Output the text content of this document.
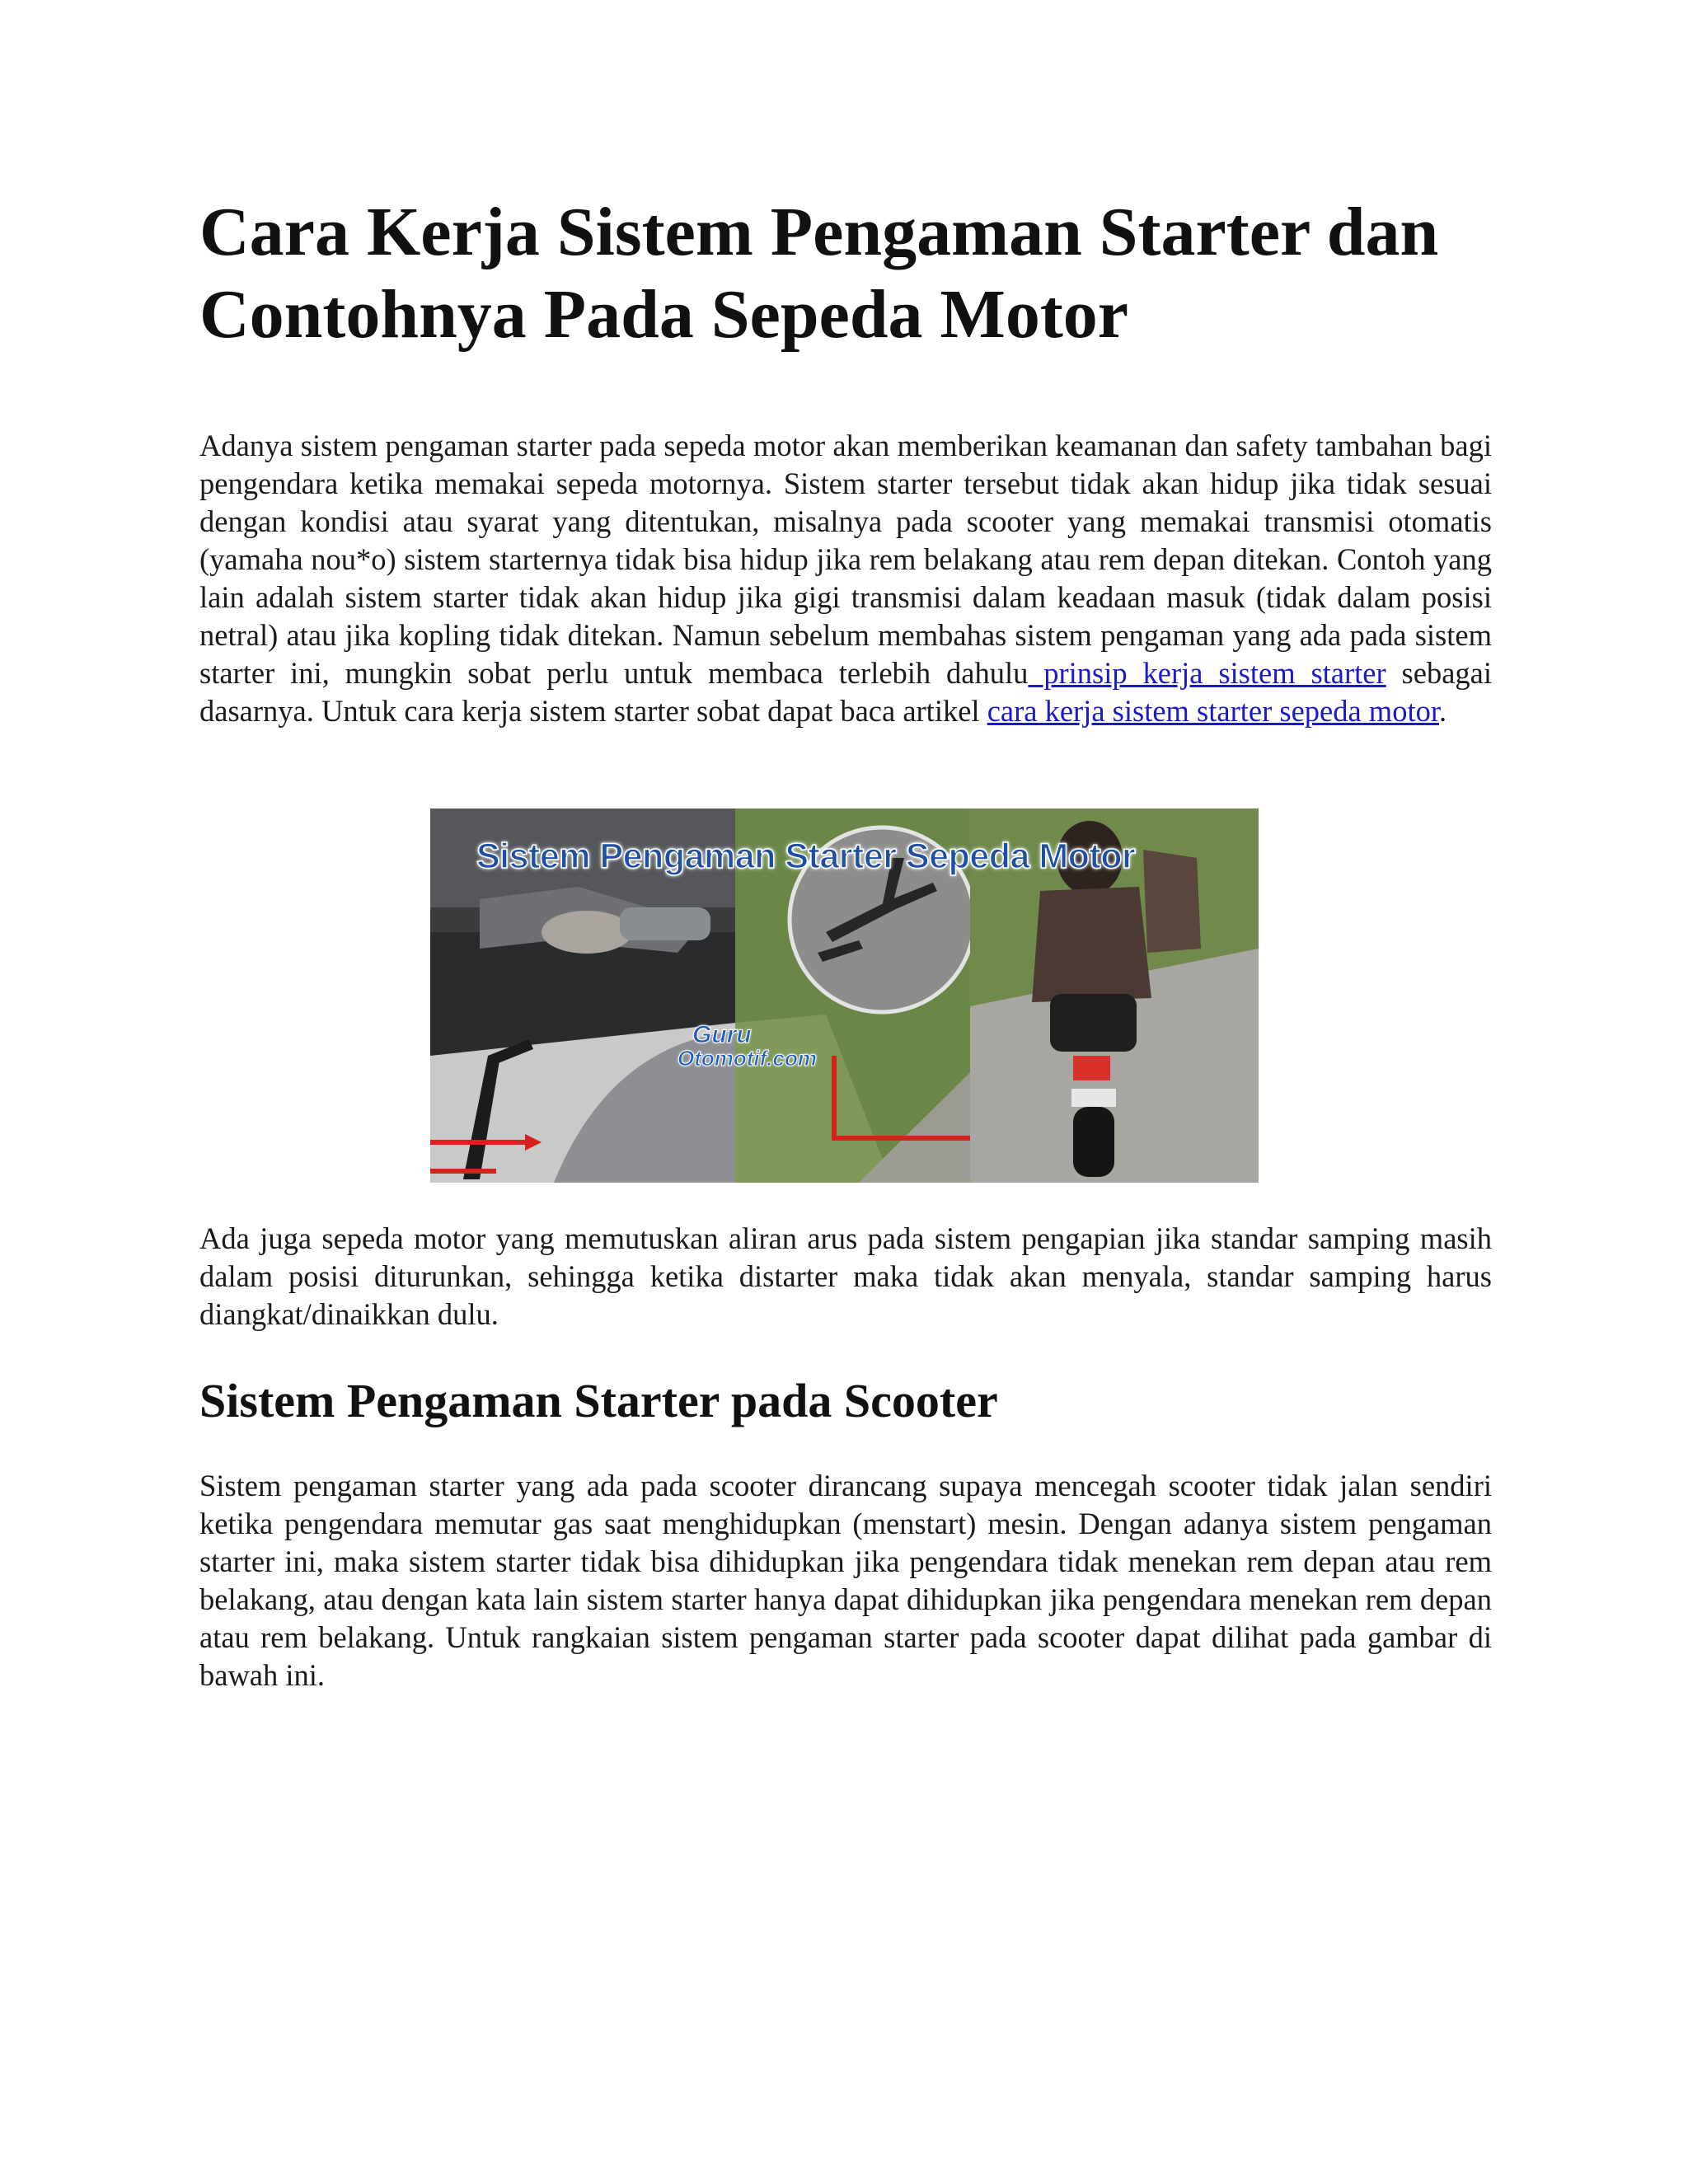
Cara Kerja Sistem Pengaman Starter dan Contohnya Pada Sepeda Motor

Adanya sistem pengaman starter pada sepeda motor akan memberikan keamanan dan safety tambahan bagi pengendara ketika memakai sepeda motornya. Sistem starter tersebut tidak akan hidup jika tidak sesuai dengan kondisi atau syarat yang ditentukan, misalnya pada scooter yang memakai transmisi otomatis (yamaha nou*o) sistem starternya tidak bisa hidup jika rem belakang atau rem depan ditekan. Contoh yang lain adalah sistem starter tidak akan hidup jika gigi transmisi dalam keadaan masuk (tidak dalam posisi netral) atau jika kopling tidak ditekan. Namun sebelum membahas sistem pengaman yang ada pada sistem starter ini, mungkin sobat perlu untuk membaca terlebih dahulu prinsip kerja sistem starter sebagai dasarnya. Untuk cara kerja sistem starter sobat dapat baca artikel cara kerja sistem starter sepeda motor.

Sistem Pengaman Starter Sepeda Motor
Guru
Otomotif.com

Ada juga sepeda motor yang memutuskan aliran arus pada sistem pengapian jika standar samping masih dalam posisi diturunkan, sehingga ketika distarter maka tidak akan menyala, standar samping harus diangkat/dinaikkan dulu.

Sistem Pengaman Starter pada Scooter

Sistem pengaman starter yang ada pada scooter dirancang supaya mencegah scooter tidak jalan sendiri ketika pengendara memutar gas saat menghidupkan (menstart) mesin. Dengan adanya sistem pengaman starter ini, maka sistem starter tidak bisa dihidupkan jika pengendara tidak menekan rem depan atau rem belakang, atau dengan kata lain sistem starter hanya dapat dihidupkan jika pengendara menekan rem depan atau rem belakang. Untuk rangkaian sistem pengaman starter pada scooter dapat dilihat pada gambar di bawah ini.
